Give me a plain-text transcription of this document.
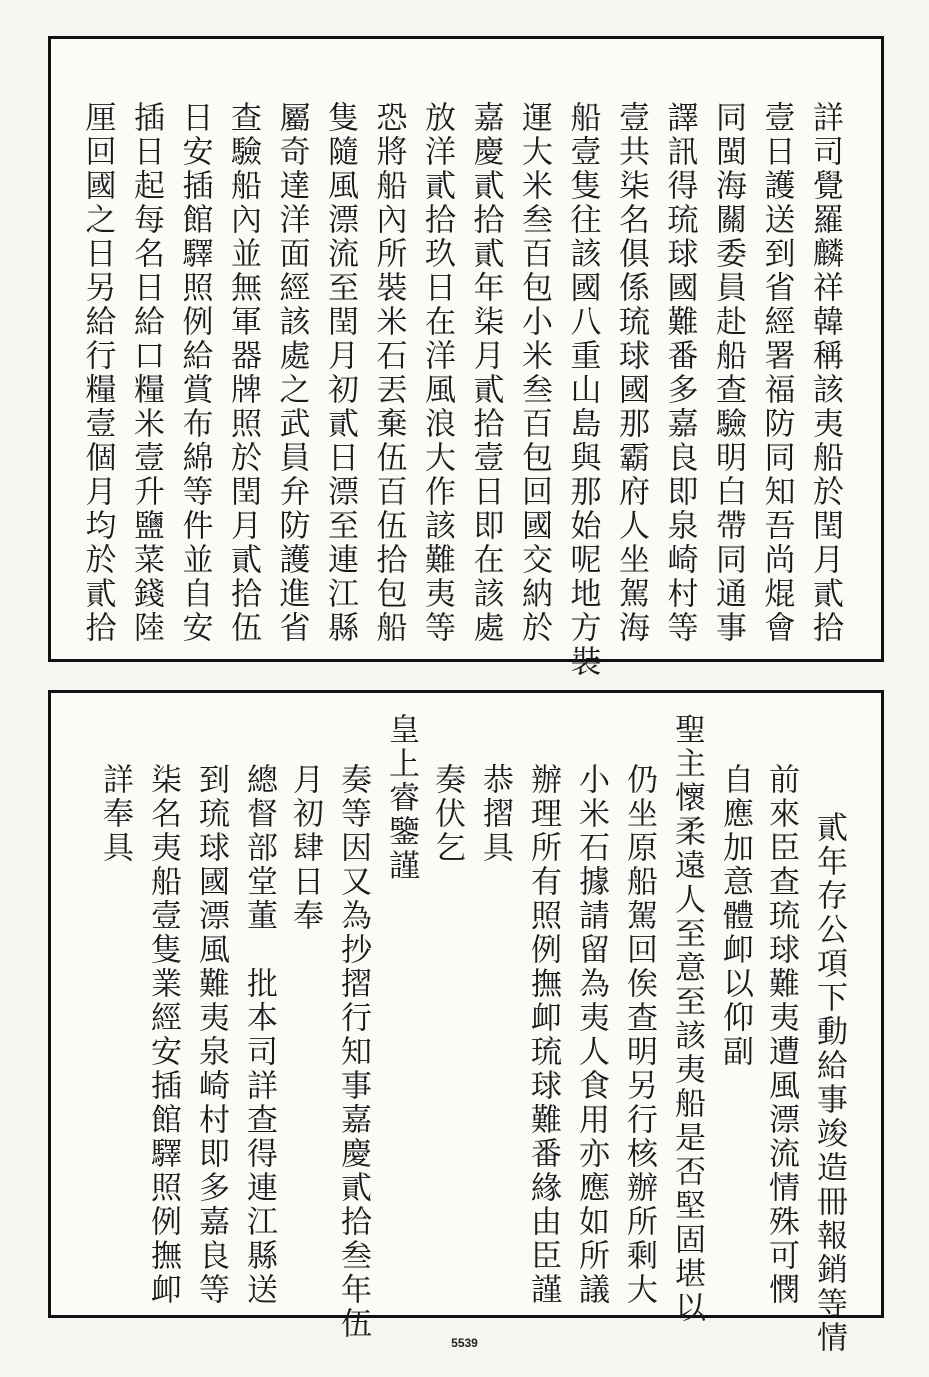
詳司覺羅麟祥韓稱該夷船於閏月貳拾
壹日護送到省經署福防同知吾尚焜會
同閩海關委員赴船查驗明白帶同通事
譯訊得琉球國難番多嘉良即泉崎村等
壹共柒名俱係琉球國那霸府人坐駕海
船壹隻往該國八重山島與那始呢地方裝
運大米叁百包小米叁百包回國交納於
嘉慶貳拾貳年柒月貳拾壹日即在該處
放洋貳拾玖日在洋風浪大作該難夷等
恐將船內所裝米石丟棄伍百伍拾包船
隻隨風漂流至閏月初貳日漂至連江縣
屬奇達洋面經該處之武員弁防護進省
查驗船內並無軍器牌照於閏月貳拾伍
日安插館驛照例給賞布綿等件並自安
插日起每名日給口糧米壹升鹽菜錢陸
厘回國之日另給行糧壹個月均於貳拾
貳年存公項下動給事竣造冊報銷等情
前來臣查琉球難夷遭風漂流情殊可憫
自應加意體卹以仰副
聖主懷柔遠人至意至該夷船是否堅固堪以
仍坐原船駕回俟查明另行核辦所剩大
小米石據請留為夷人食用亦應如所議
辦理所有照例撫卹琉球難番緣由臣謹
恭摺具
奏伏乞
皇上睿鑒謹
奏等因又為抄摺行知事嘉慶貳拾叁年伍
月初肆日奉
總督部堂董　批本司詳查得連江縣送
到琉球國漂風難夷泉崎村即多嘉良等
柒名夷船壹隻業經安插館驛照例撫卹
詳奉具
5539
